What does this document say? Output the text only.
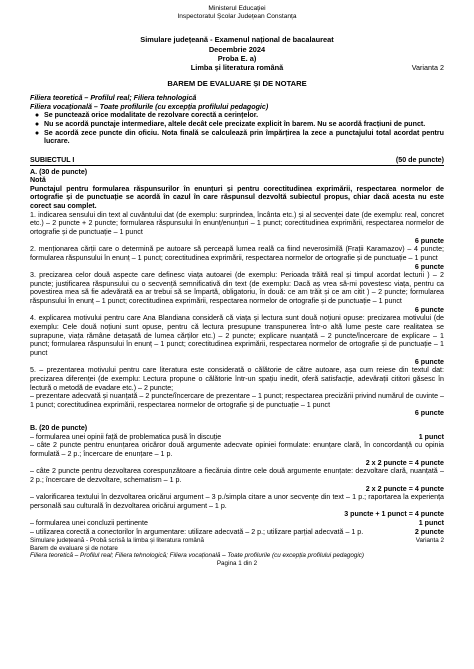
Ministerul Educației
Inspectoratul Școlar Județean Constanța
Simulare județeană - Examenul național de bacalaureat
Decembrie 2024
Proba E. a)
Limba și literatura română	Varianta 2
BAREM DE EVALUARE ȘI DE NOTARE
Filiera teoretică – Profilul real; Filiera tehnologică
Filiera vocațională – Toate profilurile (cu excepția profilului pedagogic)
● Se punctează orice modalitate de rezolvare corectă a cerințelor.
● Nu se acordă punctaje intermediare, altele decât cele precizate explicit în barem. Nu se acordă fracțiuni de punct.
● Se acordă zece puncte din oficiu. Nota finală se calculează prin împărțirea la zece a punctajului total acordat pentru lucrare.
SUBIECTUL I	(50 de puncte)
A. (30 de puncte)
Notă

Punctajul pentru formularea răspunsurilor în enunțuri și pentru corectitudinea exprimării, respectarea normelor de ortografie și de punctuație se acordă în cazul în care răspunsul dezvoltă subiectul propus, chiar dacă acesta nu este corect sau complet.

1. indicarea sensului din text al cuvântului dat (de exemplu: surprindea, încânta etc.) și al secvenței date (de exemplu: real, concret etc.) – 2 puncte + 2 puncte; formularea răspunsului în enunț/enunțuri – 1 punct; corectitudinea exprimării, respectarea normelor de ortografie și de punctuație – 1 punct

6 puncte

2. menționarea cărții care o determină pe autoare să perceapă lumea reală ca fiind neverosimilă (Frații Karamazov) – 4 puncte; formularea răspunsului în enunț – 1 punct; corectitudinea exprimării, respectarea normelor de ortografie și de punctuație – 1 punct

6 puncte

3. precizarea celor două aspecte care definesc viața autoarei (de exemplu: Perioada trăită real și timpul acordat lecturii ) – 2 puncte; justificarea răspunsului cu o secvență semnificativă din text (de exemplu: Dacă aș vrea să-mi povestesc viața, pentru ca povestirea mea să fie adevărată ea ar trebui să se împartă, obligatoriu, în două: ce am trăit și ce am citit ) – 2 puncte; formularea răspunsului în enunț – 1 punct; corectitudinea exprimării, respectarea normelor de ortografie și de punctuație – 1 punct

6 puncte

4. explicarea motivului pentru care Ana Blandiana consideră că viața și lectura sunt două noțiuni opuse: precizarea motivului (de exemplu: Cele două noțiuni sunt opuse, pentru că lectura presupune transpunerea într-o altă lume peste care realitatea se suprapune, viața rămâne detașată de lumea cărților etc.) – 2 puncte; explicare nuanțată – 2 puncte/încercare de explicare – 1 punct; formularea răspunsului în enunț – 1 punct; corectitudinea exprimării, respectarea normelor de ortografie și de punctuație – 1 punct

6 puncte

5. – prezentarea motivului pentru care literatura este considerată o călătorie de către autoare, așa cum reiese din textul dat: precizarea diferenței (de exemplu: Lectura propune o călătorie într-un spațiu inedit, oferă satisfacție, adevărații cititori găsesc în lectură o metodă de evadare etc.) – 2 puncte;
– prezentare adecvată și nuanțată – 2 puncte/încercare de prezentare – 1 punct; respectarea precizării privind numărul de cuvinte – 1 punct; corectitudinea exprimării, respectarea normelor de ortografie și de punctuație – 1 punct

6 puncte
B. (20 de puncte)
– formularea unei opinii față de problematica pusă în discuție	1 punct

– câte 2 puncte pentru enunțarea oricăror două argumente adecvate opiniei formulate: enunțare clară, în concordanță cu opinia formulată – 2 p.; încercare de enunțare – 1 p.

2 x 2 puncte = 4 puncte

– câte 2 puncte pentru dezvoltarea corespunzătoare a fiecăruia dintre cele două argumente enunțate: dezvoltare clară, nuanțată – 2 p.; încercare de dezvoltare, schematism – 1 p.

2 x 2 puncte = 4 puncte

– valorificarea textului în dezvoltarea oricărui argument – 3 p./simpla citare a unor secvențe din text – 1 p.; raportarea la experiența personală sau culturală în dezvoltarea oricărui argument – 1 p.

3 puncte + 1 punct = 4 puncte
– formularea unei concluzii pertinente	1 punct

– utilizarea corectă a conectorilor în argumentare: utilizare adecvată – 2 p.; utilizare parțial adecvată – 1 p.	2 puncte
Simulare județeană - Probă scrisă la limba și literatura română	Varianta 2
Barem de evaluare și de notare
Filiera teoretică – Profilul real; Filiera tehnologică; Filiera vocațională – Toate profilurile (cu excepția profilului pedagogic)
Pagina 1 din 2
